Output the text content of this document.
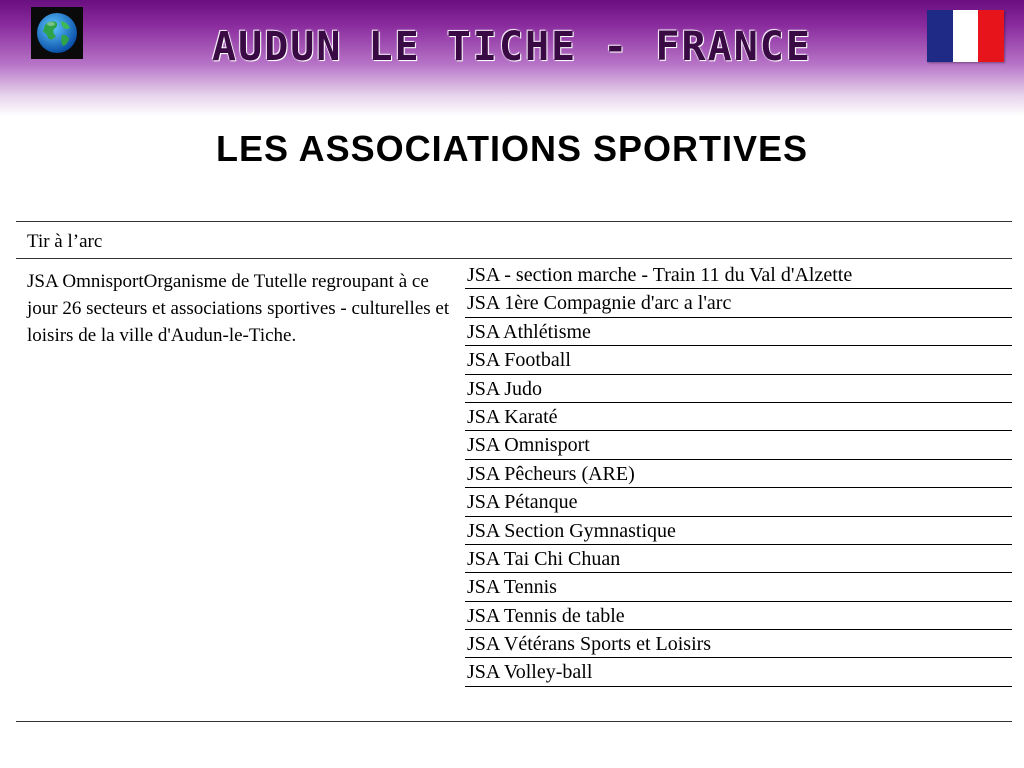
AUDUN LE TICHE - FRANCE
LES ASSOCIATIONS SPORTIVES
Tir à l’arc
JSA OmnisportOrganisme de Tutelle regroupant à ce jour 26 secteurs et associations sportives - culturelles et loisirs de la ville d'Audun-le-Tiche.
JSA - section marche - Train 11 du Val d'Alzette
JSA 1ère Compagnie d'arc a l'arc
JSA Athlétisme
JSA Football
JSA Judo
JSA Karaté
JSA Omnisport
JSA Pêcheurs (ARE)
JSA Pétanque
JSA Section Gymnastique
JSA Tai Chi Chuan
JSA Tennis
JSA Tennis de table
JSA Vétérans Sports et Loisirs
JSA Volley-ball
